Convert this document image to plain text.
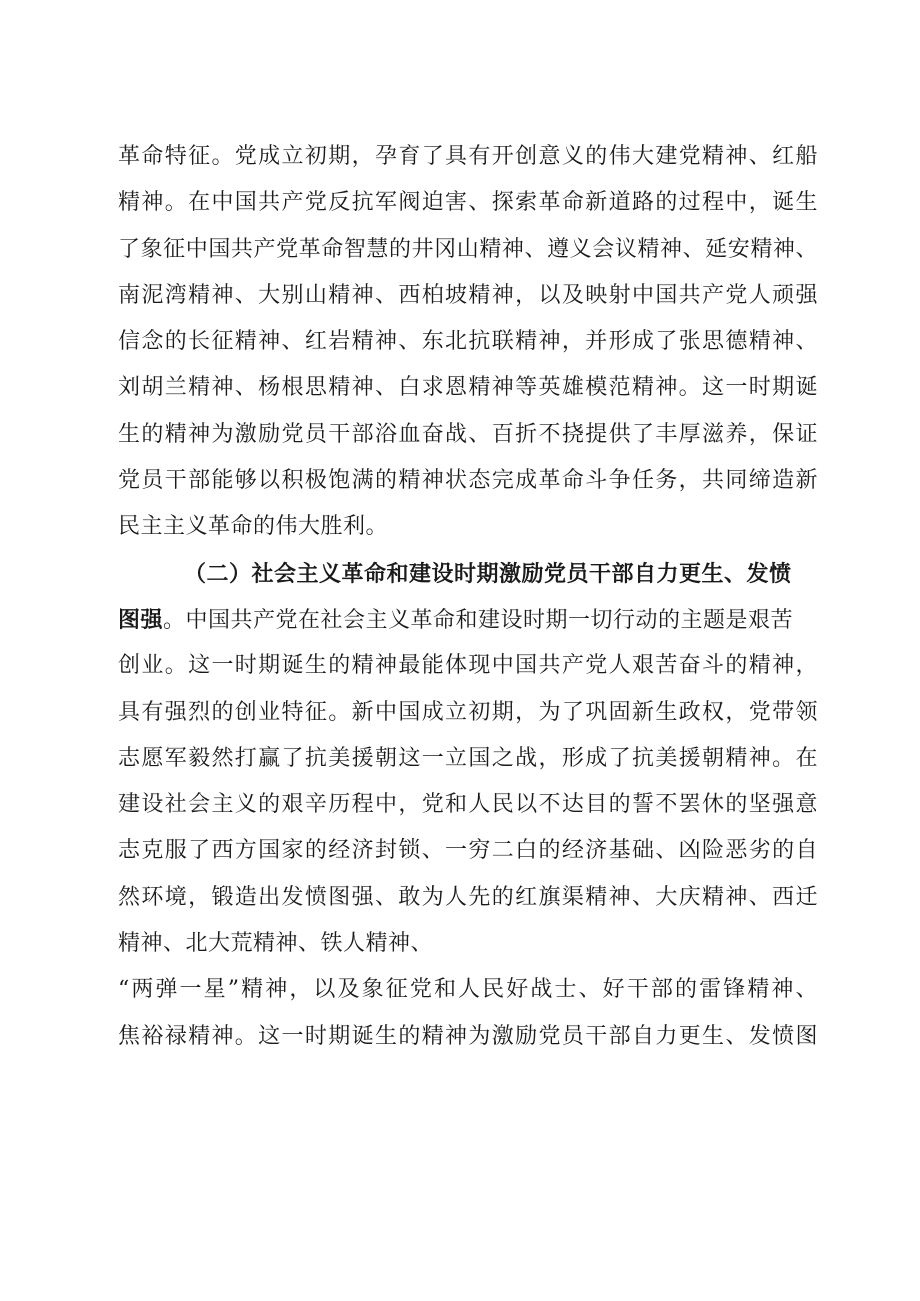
革命特征。党成立初期，孕育了具有开创意义的伟大建党精神、红船
精神。在中国共产党反抗军阀迫害、探索革命新道路的过程中，诞生
了象征中国共产党革命智慧的井冈山精神、遵义会议精神、延安精神、
南泥湾精神、大别山精神、西柏坡精神，以及映射中国共产党人顽强
信念的长征精神、红岩精神、东北抗联精神，并形成了张思德精神、
刘胡兰精神、杨根思精神、白求恩精神等英雄模范精神。这一时期诞
生的精神为激励党员干部浴血奋战、百折不挠提供了丰厚滋养，保证
党员干部能够以积极饱满的精神状态完成革命斗争任务，共同缔造新
民主主义革命的伟大胜利。
（二）社会主义革命和建设时期激励党员干部自力更生、发愤
图强。中国共产党在社会主义革命和建设时期一切行动的主题是艰苦
创业。这一时期诞生的精神最能体现中国共产党人艰苦奋斗的精神，
具有强烈的创业特征。新中国成立初期，为了巩固新生政权，党带领
志愿军毅然打赢了抗美援朝这一立国之战，形成了抗美援朝精神。在
建设社会主义的艰辛历程中，党和人民以不达目的誓不罢休的坚强意
志克服了西方国家的经济封锁、一穷二白的经济基础、凶险恶劣的自
然环境，锻造出发愤图强、敢为人先的红旗渠精神、大庆精神、西迁
精神、北大荒精神、铁人精神、
“两弹一星”精神，以及象征党和人民好战士、好干部的雷锋精神、
焦裕禄精神。这一时期诞生的精神为激励党员干部自力更生、发愤图
